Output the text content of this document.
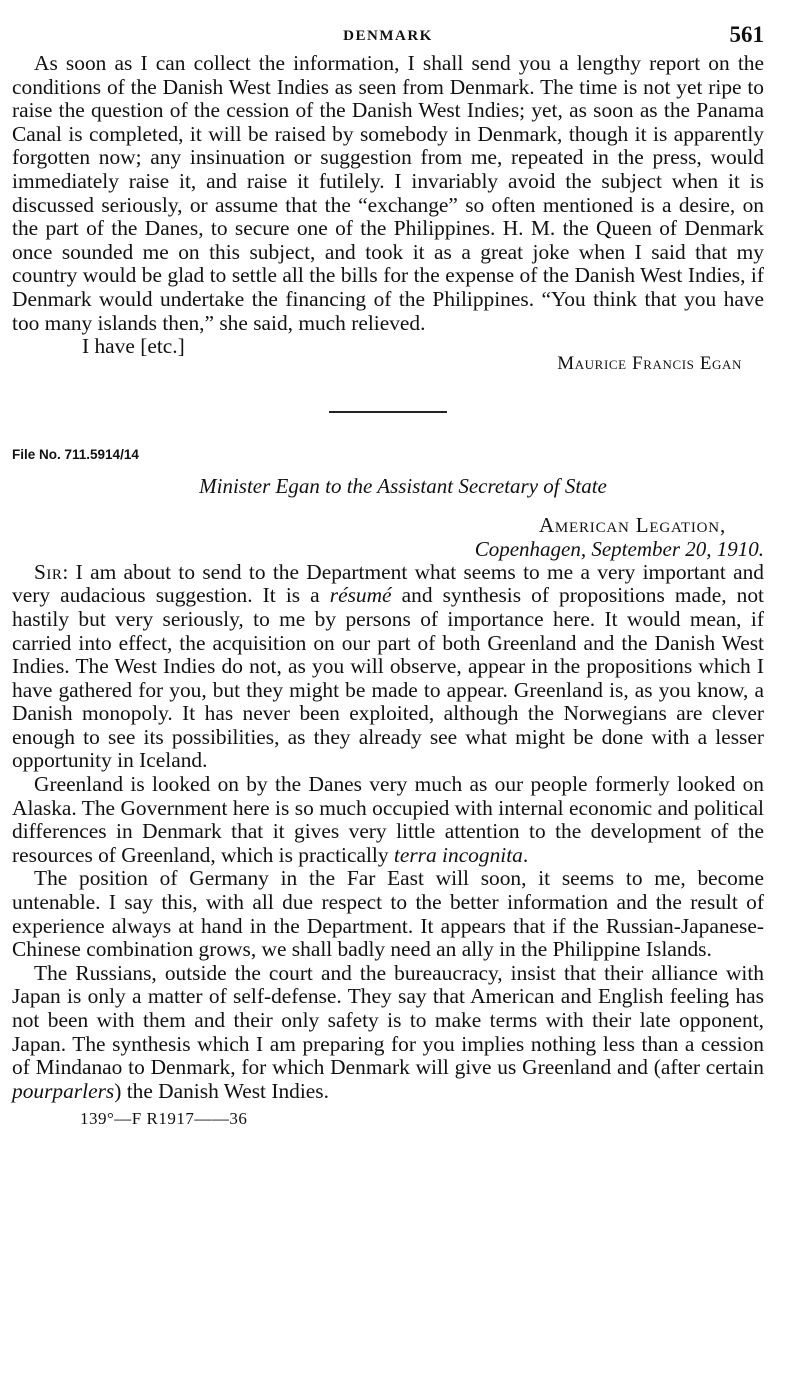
DENMARK	561

As soon as I can collect the information, I shall send you a lengthy report on the conditions of the Danish West Indies as seen from Denmark. The time is not yet ripe to raise the question of the cession of the Danish West Indies; yet, as soon as the Panama Canal is completed, it will be raised by somebody in Denmark, though it is apparently forgotten now; any insinuation or suggestion from me, repeated in the press, would immediately raise it, and raise it futilely. I invariably avoid the subject when it is discussed seriously, or assume that the “exchange” so often mentioned is a desire, on the part of the Danes, to secure one of the Philippines. H. M. the Queen of Denmark once sounded me on this subject, and took it as a great joke when I said that my country would be glad to settle all the bills for the expense of the Danish West Indies, if Denmark would undertake the financing of the Philippines. “You think that you have too many islands then,” she said, much relieved.

I have [etc.]

Maurice Francis Egan
File No. 711.5914/14
Minister Egan to the Assistant Secretary of State
American Legation,
Copenhagen, September 20, 1910.

Sir: I am about to send to the Department what seems to me a very important and very audacious suggestion. It is a résumé and synthesis of propositions made, not hastily but very seriously, to me by persons of importance here. It would mean, if carried into effect, the acquisition on our part of both Greenland and the Danish West Indies. The West Indies do not, as you will observe, appear in the propositions which I have gathered for you, but they might be made to appear. Greenland is, as you know, a Danish monopoly. It has never been exploited, although the Norwegians are clever enough to see its possibilities, as they already see what might be done with a lesser opportunity in Iceland.

Greenland is looked on by the Danes very much as our people formerly looked on Alaska. The Government here is so much occupied with internal economic and political differences in Denmark that it gives very little attention to the development of the resources of Greenland, which is practically terra incognita.

The position of Germany in the Far East will soon, it seems to me, become untenable. I say this, with all due respect to the better information and the result of experience always at hand in the Department. It appears that if the Russian-Japanese-Chinese combination grows, we shall badly need an ally in the Philippine Islands.

The Russians, outside the court and the bureaucracy, insist that their alliance with Japan is only a matter of self-defense. They say that American and English feeling has not been with them and their only safety is to make terms with their late opponent, Japan. The synthesis which I am preparing for you implies nothing less than a cession of Mindanao to Denmark, for which Denmark will give us Greenland and (after certain pourparlers) the Danish West Indies.

139°—F R1917——36
